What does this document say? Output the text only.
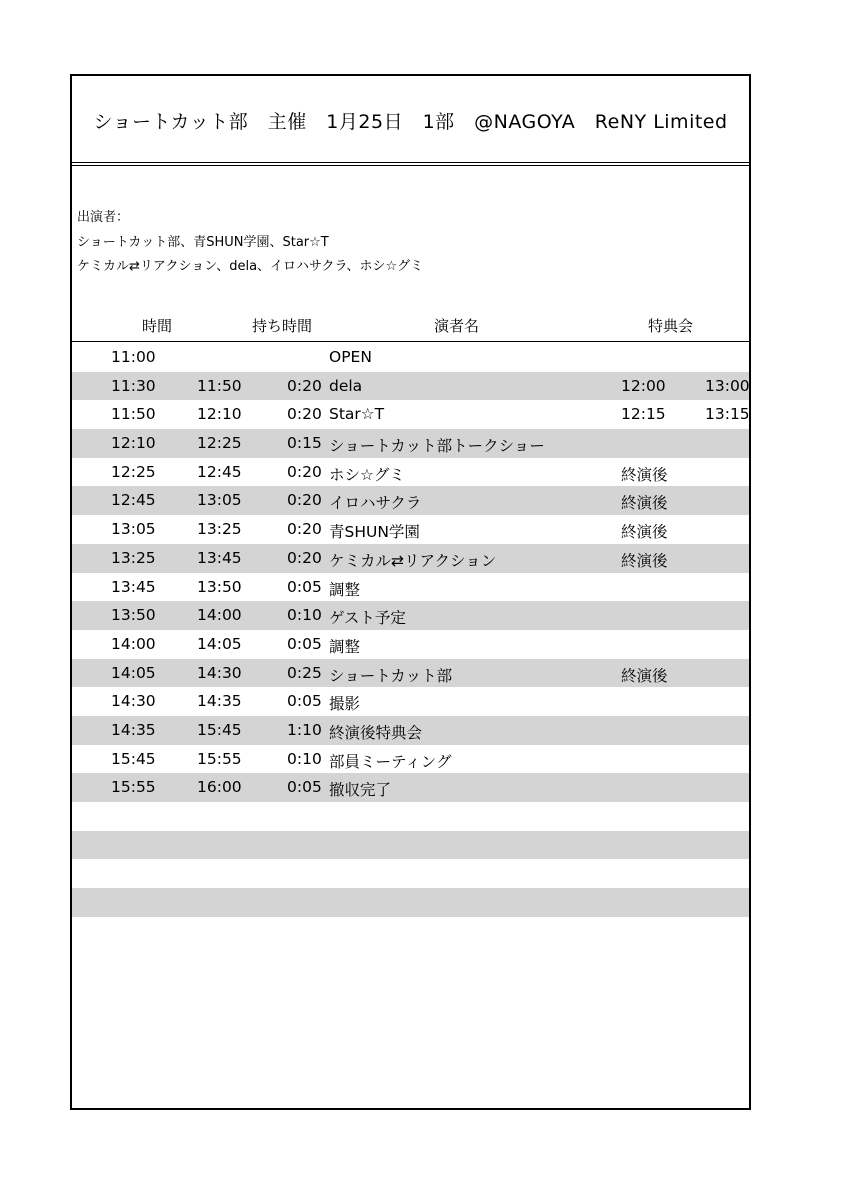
ショートカット部　主催　1月25日　1部　@NAGOYA　ReNY Limited
出演者：
ショートカット部、青SHUN学園、Star☆T
ケミカル⇄リアクション、dela、イロハサクラ、ホシ☆グミ
時間	持ち時間	演者名	特典会
11:00	OPEN
11:30	11:50	0:20 dela	12:00	13:00
11:50	12:10	0:20 Star☆T	12:15	13:15
12:10	12:25	0:15 ショートカット部トークショー
12:25	12:45	0:20 ホシ☆グミ	終演後
12:45	13:05	0:20 イロハサクラ	終演後
13:05	13:25	0:20 青SHUN学園	終演後
13:25	13:45	0:20 ケミカル⇄リアクション	終演後
13:45	13:50	0:05 調整
13:50	14:00	0:10 ゲスト予定
14:00	14:05	0:05 調整
14:05	14:30	0:25 ショートカット部	終演後
14:30	14:35	0:05 撮影
14:35	15:45	1:10 終演後特典会
15:45	15:55	0:10 部員ミーティング
15:55	16:00	0:05 撤収完了
